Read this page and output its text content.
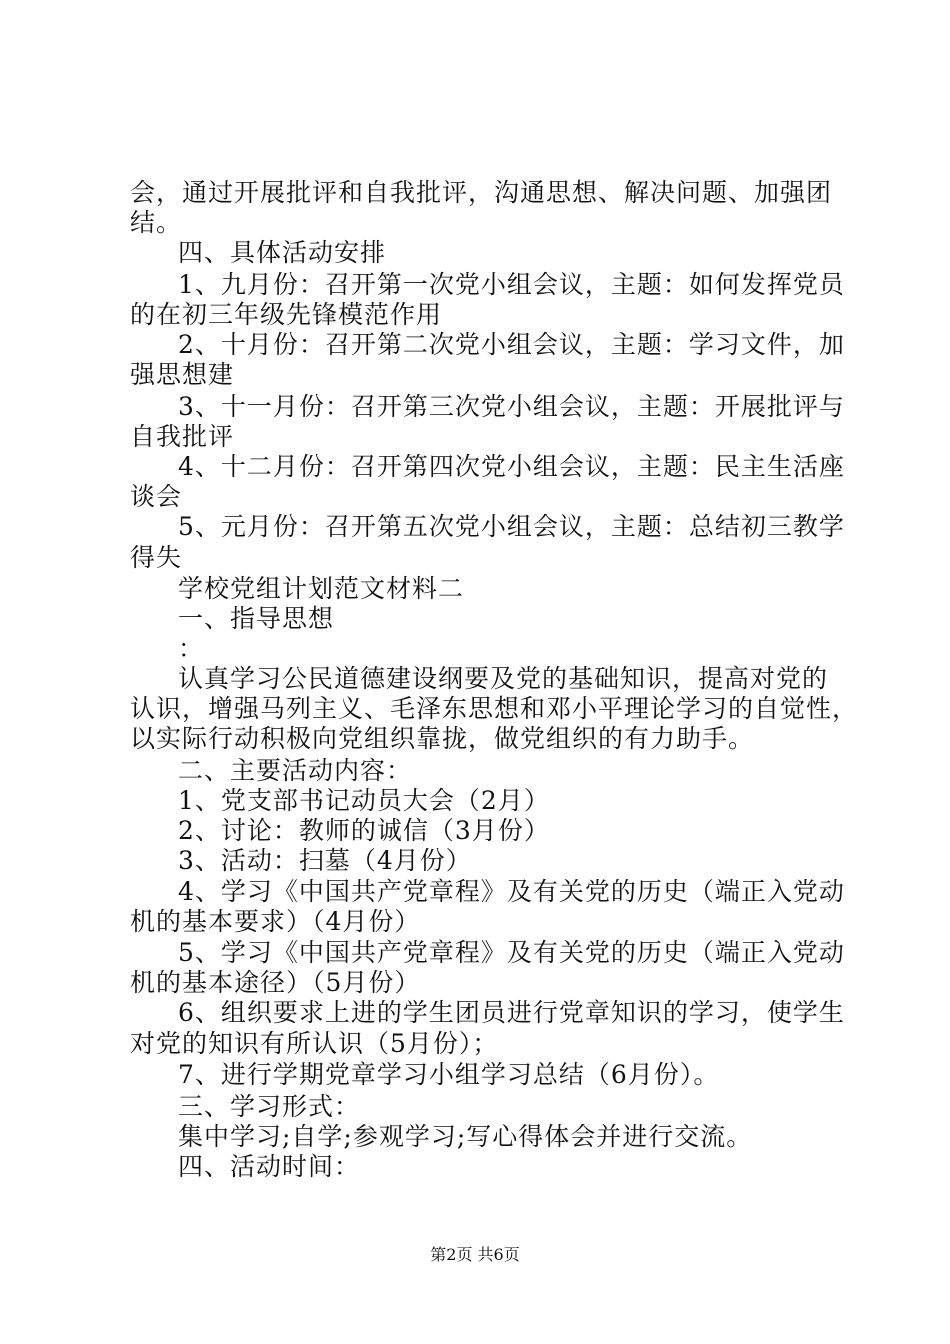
会，通过开展批评和自我批评，沟通思想、解决问题、加强团
结。
四、具体活动安排
1、九月份：召开第一次党小组会议，主题：如何发挥党员
的在初三年级先锋模范作用
2、十月份：召开第二次党小组会议，主题：学习文件，加
强思想建
3、十一月份：召开第三次党小组会议，主题：开展批评与
自我批评
4、十二月份：召开第四次党小组会议，主题：民主生活座
谈会
5、元月份：召开第五次党小组会议，主题：总结初三教学
得失
学校党组计划范文材料二
一、指导思想
：
认真学习公民道德建设纲要及党的基础知识，提高对党的
认识，增强马列主义、毛泽东思想和邓小平理论学习的自觉性，
以实际行动积极向党组织靠拢，做党组织的有力助手。
二、主要活动内容：
1、党支部书记动员大会（2月）
2、讨论：教师的诚信（3月份）
3、活动：扫墓（4月份）
4、学习《中国共产党章程》及有关党的历史（端正入党动
机的基本要求）（4月份）
5、学习《中国共产党章程》及有关党的历史（端正入党动
机的基本途径）（5月份）
6、组织要求上进的学生团员进行党章知识的学习，使学生
对党的知识有所认识（5月份）；
7、进行学期党章学习小组学习总结（6月份）。
三、学习形式：
集中学习;自学;参观学习;写心得体会并进行交流。
四、活动时间：
第2页 共6页
